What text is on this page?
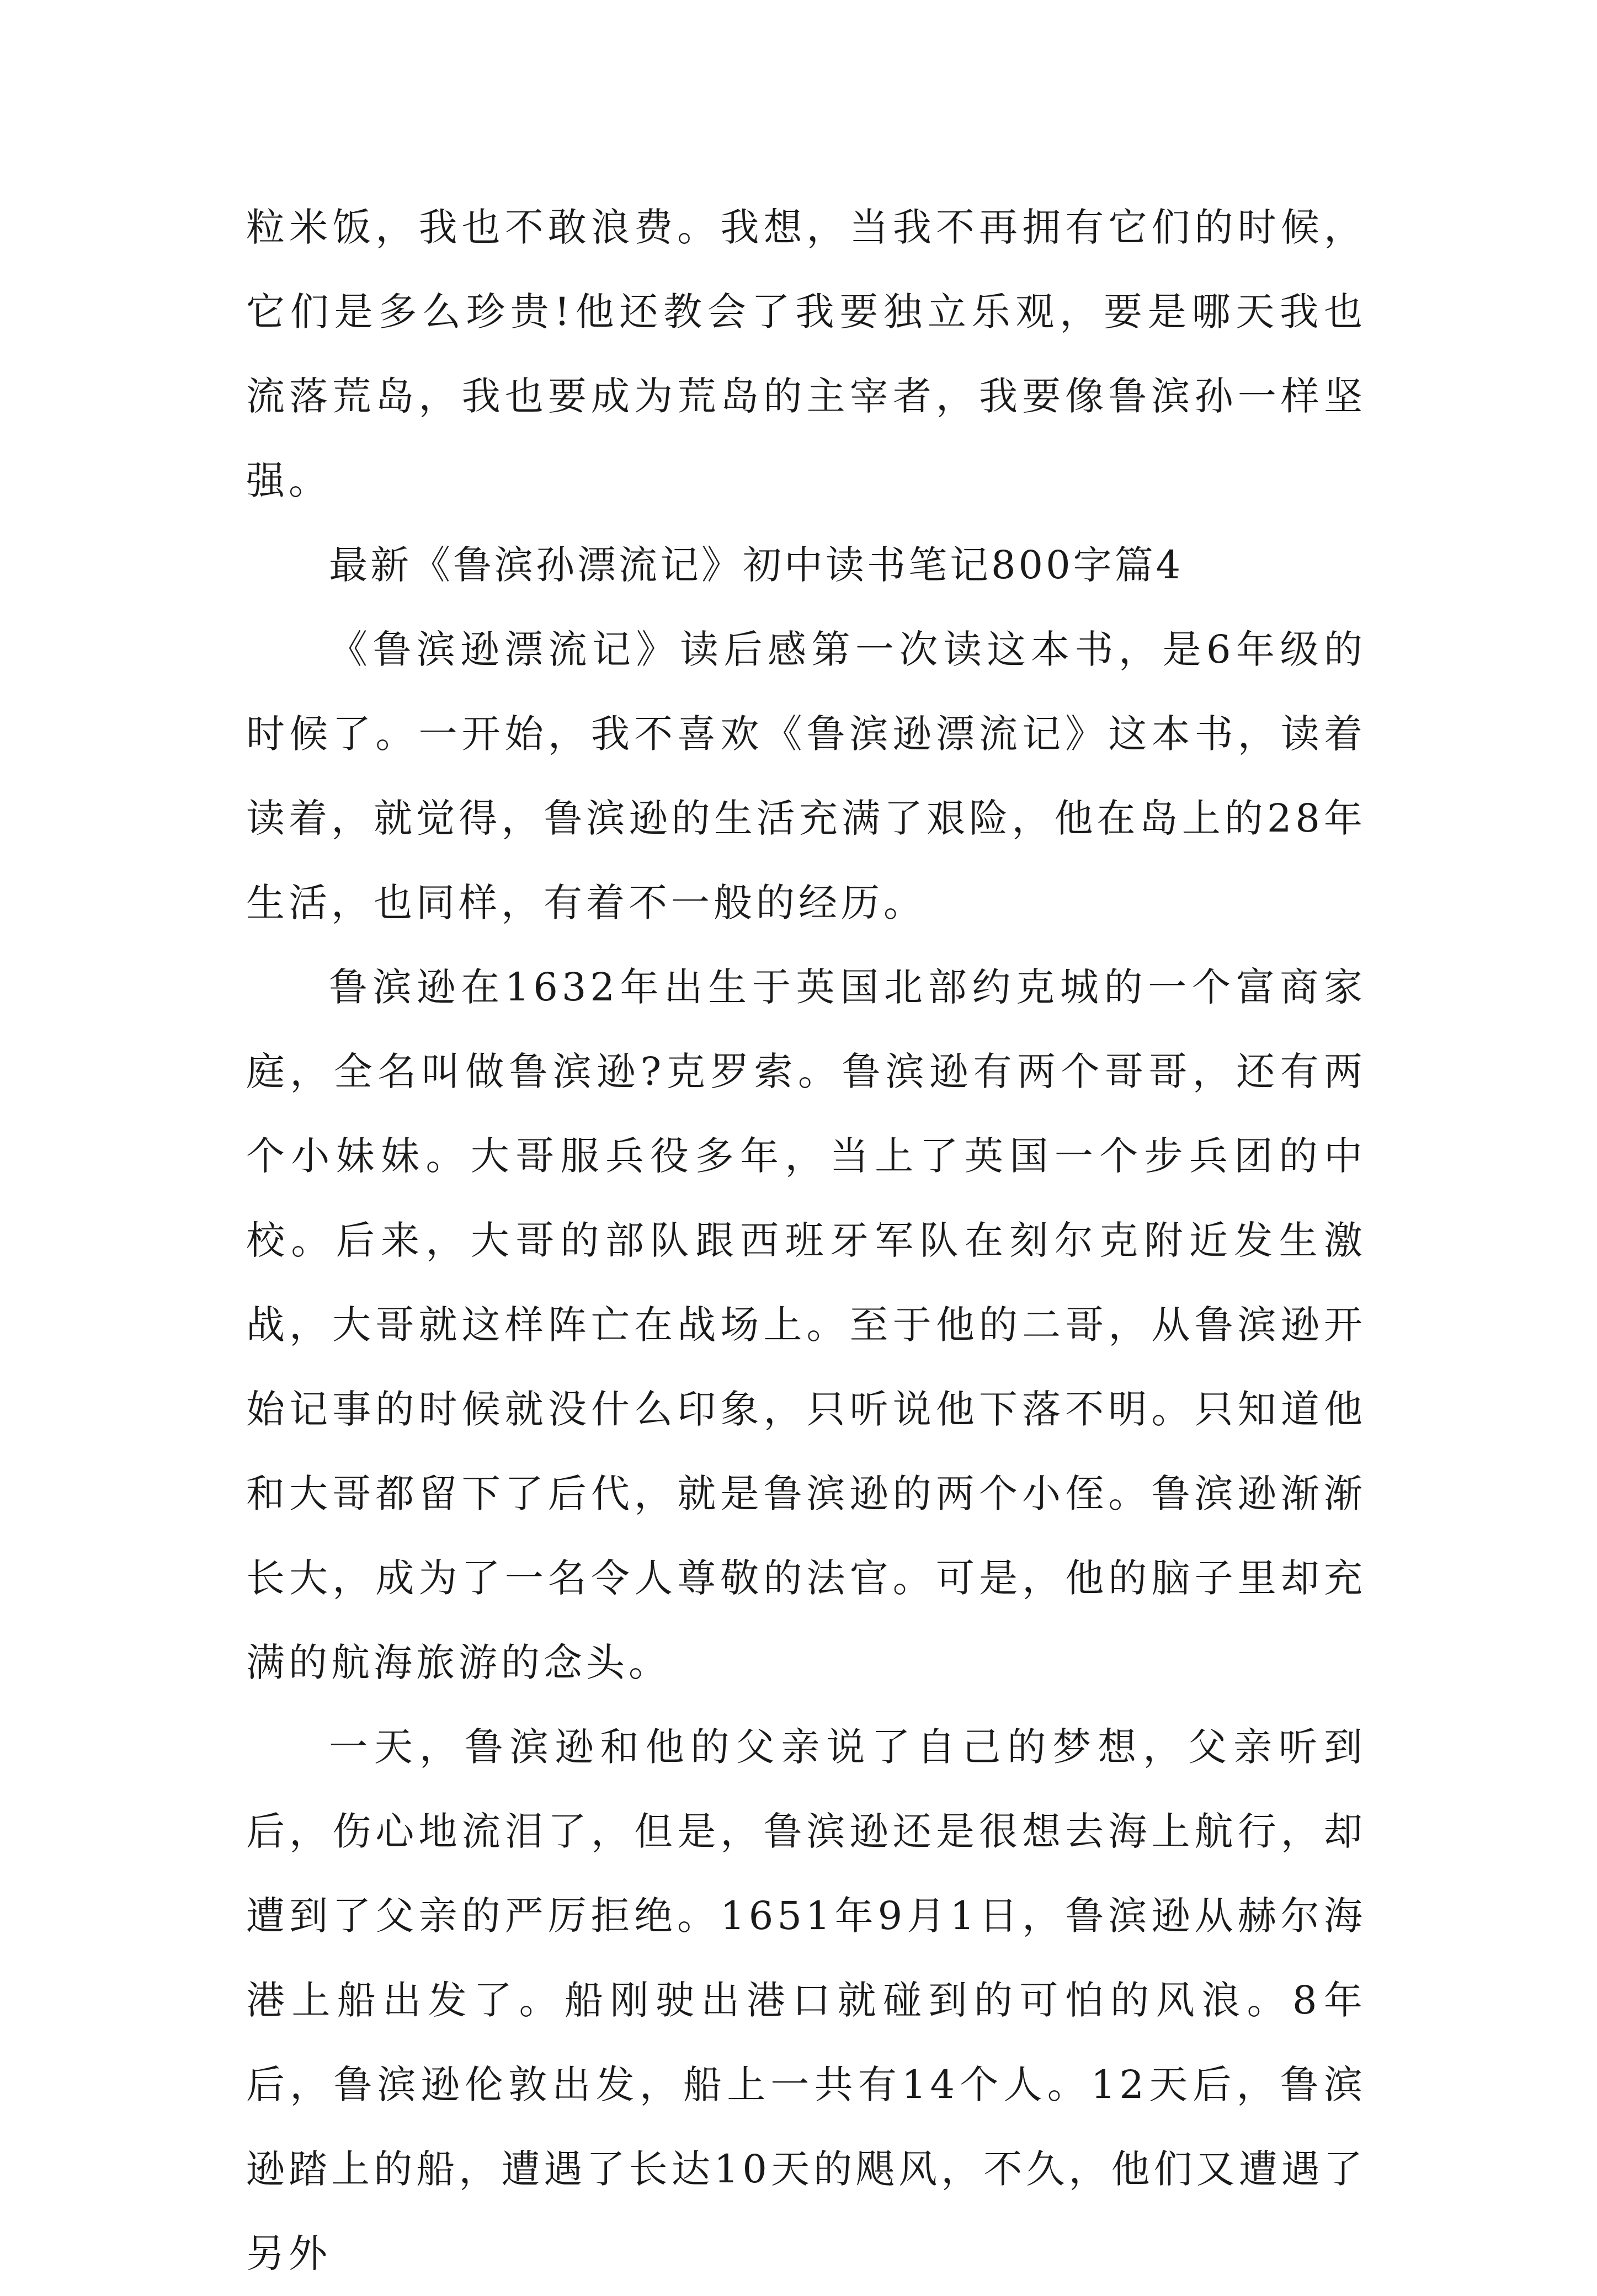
粒米饭，我也不敢浪费。我想，当我不再拥有它们的时候，它们是多么珍贵!他还教会了我要独立乐观，要是哪天我也流落荒岛，我也要成为荒岛的主宰者，我要像鲁滨孙一样坚强。

最新《鲁滨孙漂流记》初中读书笔记800字篇4

《鲁滨逊漂流记》读后感第一次读这本书，是6年级的时候了。一开始，我不喜欢《鲁滨逊漂流记》这本书，读着读着，就觉得，鲁滨逊的生活充满了艰险，他在岛上的28年生活，也同样，有着不一般的经历。

鲁滨逊在1632年出生于英国北部约克城的一个富商家庭，全名叫做鲁滨逊?克罗索。鲁滨逊有两个哥哥，还有两个小妹妹。大哥服兵役多年，当上了英国一个步兵团的中校。后来，大哥的部队跟西班牙军队在刻尔克附近发生激战，大哥就这样阵亡在战场上。至于他的二哥，从鲁滨逊开始记事的时候就没什么印象，只听说他下落不明。只知道他和大哥都留下了后代，就是鲁滨逊的两个小侄。鲁滨逊渐渐长大，成为了一名令人尊敬的法官。可是，他的脑子里却充满的航海旅游的念头。

一天，鲁滨逊和他的父亲说了自己的梦想，父亲听到后，伤心地流泪了，但是，鲁滨逊还是很想去海上航行，却遭到了父亲的严厉拒绝。1651年9月1日，鲁滨逊从赫尔海港上船出发了。船刚驶出港口就碰到的可怕的风浪。8年后，鲁滨逊伦敦出发，船上一共有14个人。12天后，鲁滨逊踏上的船，遭遇了长达10天的飓风，不久，他们又遭遇了另外
